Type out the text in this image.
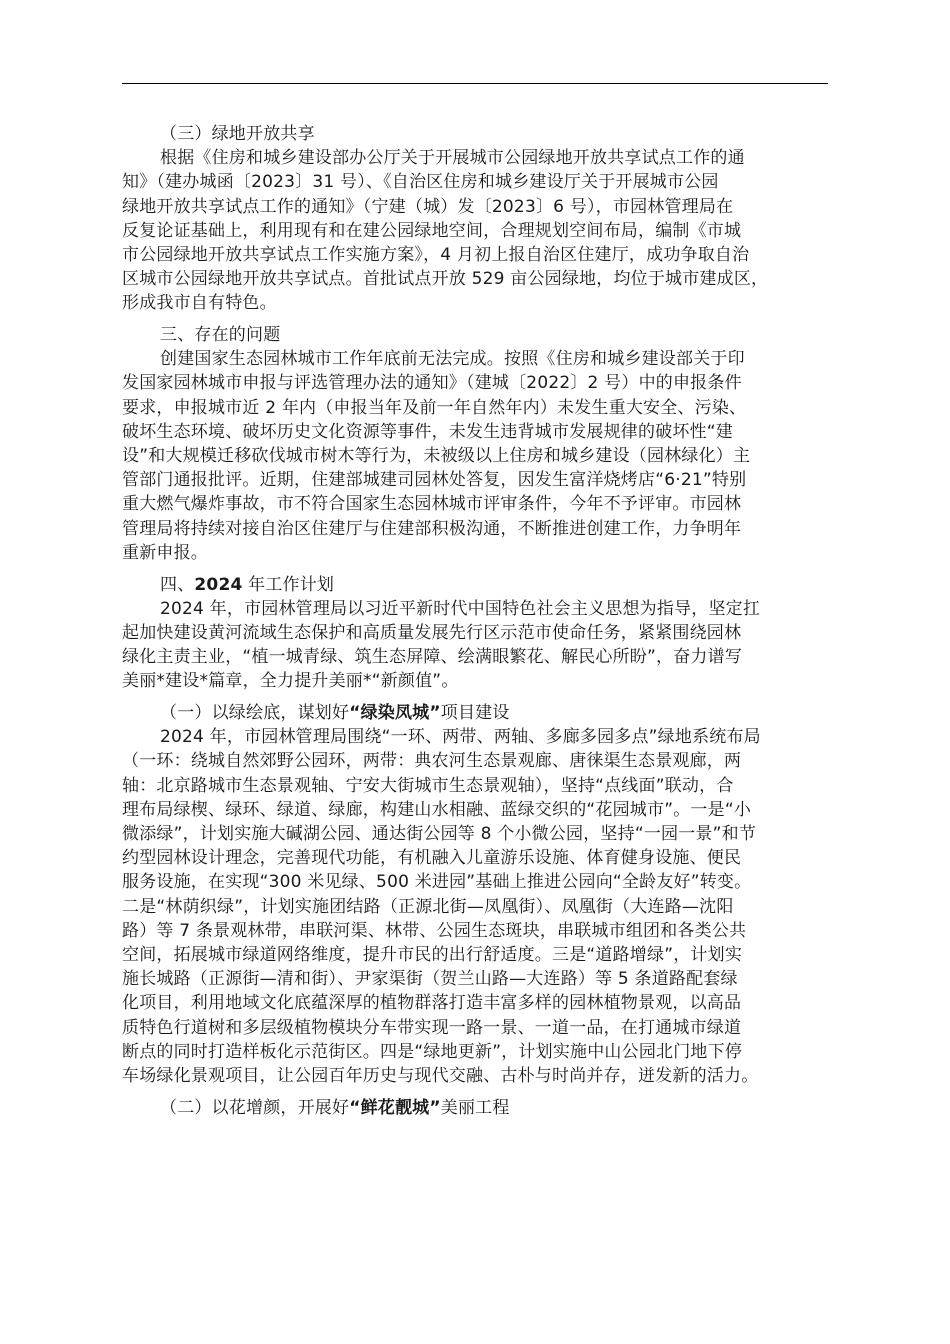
（三）绿地开放共享
根据《住房和城乡建设部办公厅关于开展城市公园绿地开放共享试点工作的通
知》（建办城函〔2023〕31 号）、《自治区住房和城乡建设厅关于开展城市公园
绿地开放共享试点工作的通知》（宁建（城）发〔2023〕6 号），市园林管理局在
反复论证基础上，利用现有和在建公园绿地空间，合理规划空间布局，编制《市城
市公园绿地开放共享试点工作实施方案》，4 月初上报自治区住建厅，成功争取自治
区城市公园绿地开放共享试点。首批试点开放 529 亩公园绿地，均位于城市建成区，
形成我市自有特色。
三、存在的问题
创建国家生态园林城市工作年底前无法完成。按照《住房和城乡建设部关于印
发国家园林城市申报与评选管理办法的通知》（建城〔2022〕2 号）中的申报条件
要求，申报城市近 2 年内（申报当年及前一年自然年内）未发生重大安全、污染、
破坏生态环境、破坏历史文化资源等事件，未发生违背城市发展规律的破坏性“建
设”和大规模迁移砍伐城市树木等行为，未被级以上住房和城乡建设（园林绿化）主
管部门通报批评。近期，住建部城建司园林处答复，因发生富洋烧烤店“6·21”特别
重大燃气爆炸事故，市不符合国家生态园林城市评审条件，今年不予评审。市园林
管理局将持续对接自治区住建厅与住建部积极沟通，不断推进创建工作，力争明年
重新申报。
四、2024 年工作计划
2024 年，市园林管理局以习近平新时代中国特色社会主义思想为指导，坚定扛
起加快建设黄河流域生态保护和高质量发展先行区示范市使命任务，紧紧围绕园林
绿化主责主业，“植一城青绿、筑生态屏障、绘满眼繁花、解民心所盼”，奋力谱写
美丽*建设*篇章，全力提升美丽*“新颜值”。
（一）以绿绘底，谋划好“绿染凤城”项目建设
2024 年，市园林管理局围绕“一环、两带、两轴、多廊多园多点”绿地系统布局
（一环：绕城自然郊野公园环，两带：典农河生态景观廊、唐徕渠生态景观廊，两
轴：北京路城市生态景观轴、宁安大街城市生态景观轴），坚持“点线面”联动，合
理布局绿楔、绿环、绿道、绿廊，构建山水相融、蓝绿交织的“花园城市”。一是“小
微添绿”，计划实施大碱湖公园、通达街公园等 8 个小微公园，坚持“一园一景”和节
约型园林设计理念，完善现代功能，有机融入儿童游乐设施、体育健身设施、便民
服务设施，在实现“300 米见绿、500 米进园”基础上推进公园向“全龄友好”转变。
二是“林荫织绿”，计划实施团结路（正源北街—凤凰街）、凤凰街（大连路—沈阳
路）等 7 条景观林带，串联河渠、林带、公园生态斑块，串联城市组团和各类公共
空间，拓展城市绿道网络维度，提升市民的出行舒适度。三是“道路增绿”，计划实
施长城路（正源街—清和街）、尹家渠街（贺兰山路—大连路）等 5 条道路配套绿
化项目，利用地域文化底蕴深厚的植物群落打造丰富多样的园林植物景观，以高品
质特色行道树和多层级植物模块分车带实现一路一景、一道一品，在打通城市绿道
断点的同时打造样板化示范街区。四是“绿地更新”，计划实施中山公园北门地下停
车场绿化景观项目，让公园百年历史与现代交融、古朴与时尚并存，迸发新的活力。
（二）以花增颜，开展好“鲜花靓城”美丽工程
